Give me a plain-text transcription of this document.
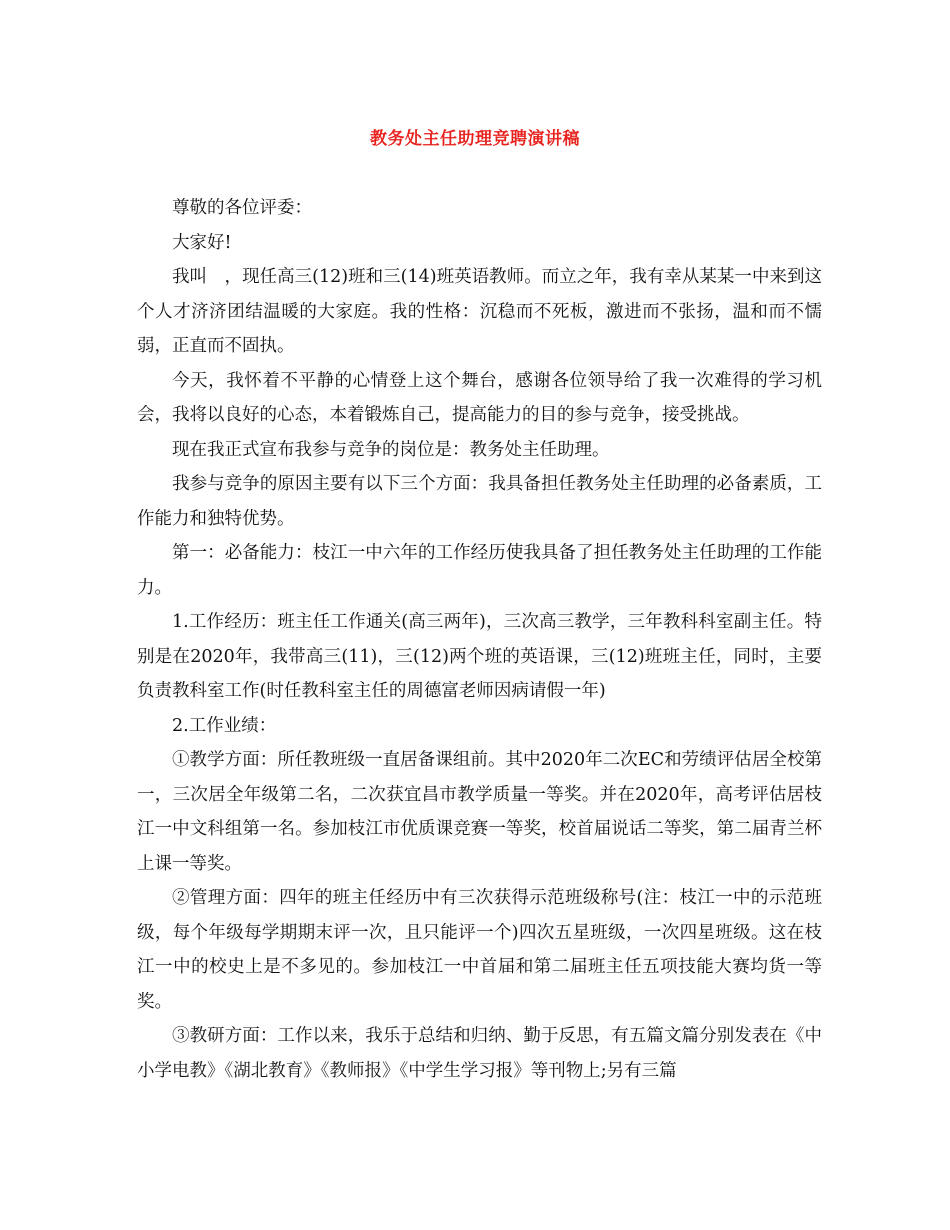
教务处主任助理竞聘演讲稿

尊敬的各位评委：

大家好!

我叫　，现任高三(12)班和三(14)班英语教师。而立之年，我有幸从某某一中来到这个人才济济团结温暖的大家庭。我的性格：沉稳而不死板，激进而不张扬，温和而不懦弱，正直而不固执。

今天，我怀着不平静的心情登上这个舞台，感谢各位领导给了我一次难得的学习机会，我将以良好的心态，本着锻炼自己，提高能力的目的参与竞争，接受挑战。

现在我正式宣布我参与竞争的岗位是：教务处主任助理。

我参与竞争的原因主要有以下三个方面：我具备担任教务处主任助理的必备素质，工作能力和独特优势。

第一：必备能力：枝江一中六年的工作经历使我具备了担任教务处主任助理的工作能力。

1.工作经历：班主任工作通关(高三两年)，三次高三教学，三年教科科室副主任。特别是在2020年，我带高三(11)，三(12)两个班的英语课，三(12)班班主任，同时，主要负责教科室工作(时任教科室主任的周德富老师因病请假一年)

2.工作业绩：

①教学方面：所任教班级一直居备课组前。其中2020年二次EC和劳绩评估居全校第一，三次居全年级第二名，二次获宜昌市教学质量一等奖。并在2020年，高考评估居枝江一中文科组第一名。参加枝江市优质课竞赛一等奖，校首届说话二等奖，第二届青兰杯上课一等奖。

②管理方面：四年的班主任经历中有三次获得示范班级称号(注：枝江一中的示范班级，每个年级每学期期末评一次，且只能评一个)四次五星班级，一次四星班级。这在枝江一中的校史上是不多见的。参加枝江一中首届和第二届班主任五项技能大赛均货一等奖。

③教研方面：工作以来，我乐于总结和归纳、勤于反思，有五篇文篇分别发表在《中小学电教》《湖北教育》《教师报》《中学生学习报》等刊物上;另有三篇
